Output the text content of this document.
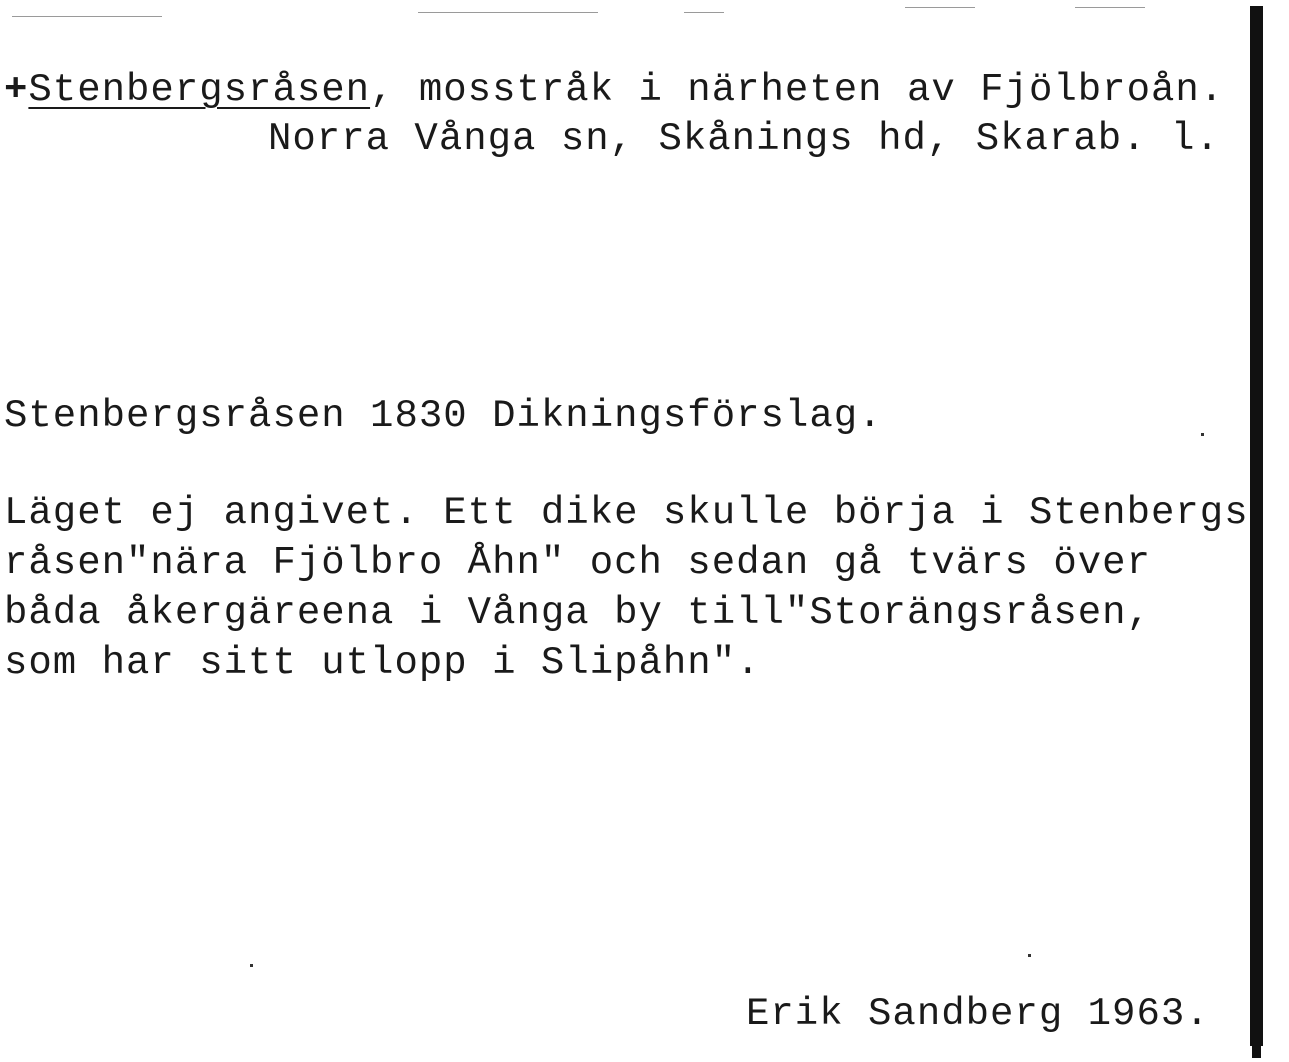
+Stenbergsråsen, mosstråk i närheten av Fjölbroån.
Norra Vånga sn, Skånings hd, Skarab. l.
Stenbergsråsen 1830 Dikningsförslag.
Läget ej angivet. Ett dike skulle börja i Stenbergs
råsen"nära Fjölbro Åhn" och sedan gå tvärs över
båda åkergäreena i Vånga by till"Storängsråsen,
som har sitt utlopp i Slipåhn".
Erik Sandberg 1963.
